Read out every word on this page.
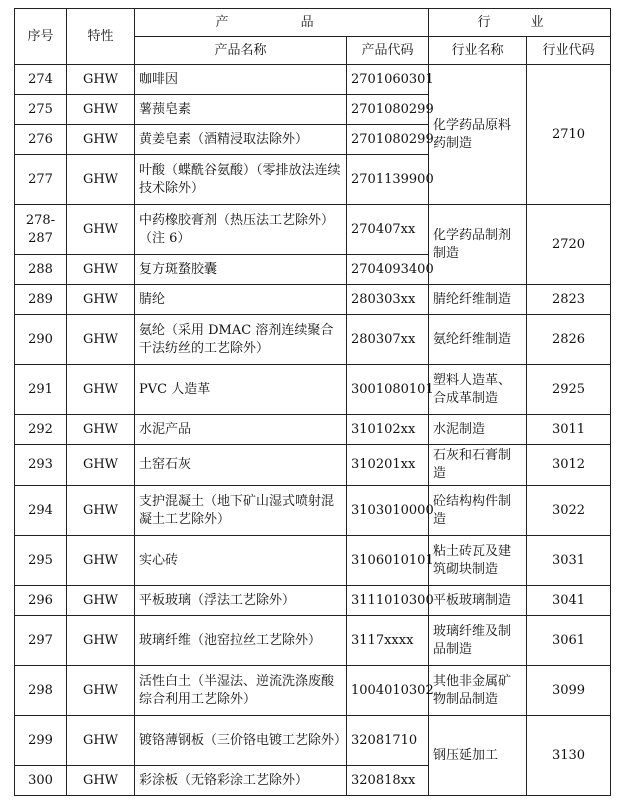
序号	特性	产 品		行 业	
		产品名称	产品代码	行业名称	行业代码
274	GHW	咖啡因	2701060301	化学药品原料药制造	2710
275	GHW	薯蓣皂素	2701080299		
276	GHW	黄姜皂素（酒精浸取法除外）	2701080299		
277	GHW	叶酸（蝶酰谷氨酸）（零排放法连续技术除外）	2701139900		
278-287	GHW	中药橡胶膏剂（热压法工艺除外）（注 6）	270407xx	化学药品制剂制造	2720
288	GHW	复方斑蝥胶囊	2704093400		
289	GHW	腈纶	280303xx	腈纶纤维制造	2823
290	GHW	氨纶（采用 DMAC 溶剂连续聚合干法纺丝的工艺除外）	280307xx	氨纶纤维制造	2826
291	GHW	PVC 人造革	3001080101	塑料人造革、合成革制造	2925
292	GHW	水泥产品	310102xx	水泥制造	3011
293	GHW	土窑石灰	310201xx	石灰和石膏制造	3012
294	GHW	支护混凝土（地下矿山湿式喷射混凝土工艺除外）	3103010000	砼结构构件制造	3022
295	GHW	实心砖	3106010101	粘土砖瓦及建筑砌块制造	3031
296	GHW	平板玻璃（浮法工艺除外）	3111010300	平板玻璃制造	3041
297	GHW	玻璃纤维（池窑拉丝工艺除外）	3117xxxx	玻璃纤维及制品制造	3061
298	GHW	活性白土（半湿法、逆流洗涤废酸综合利用工艺除外）	1004010302	其他非金属矿物制品制造	3099
299	GHW	镀铬薄钢板（三价铬电镀工艺除外）	32081710	钢压延加工	3130
300	GHW	彩涂板（无铬彩涂工艺除外）	320818xx		
